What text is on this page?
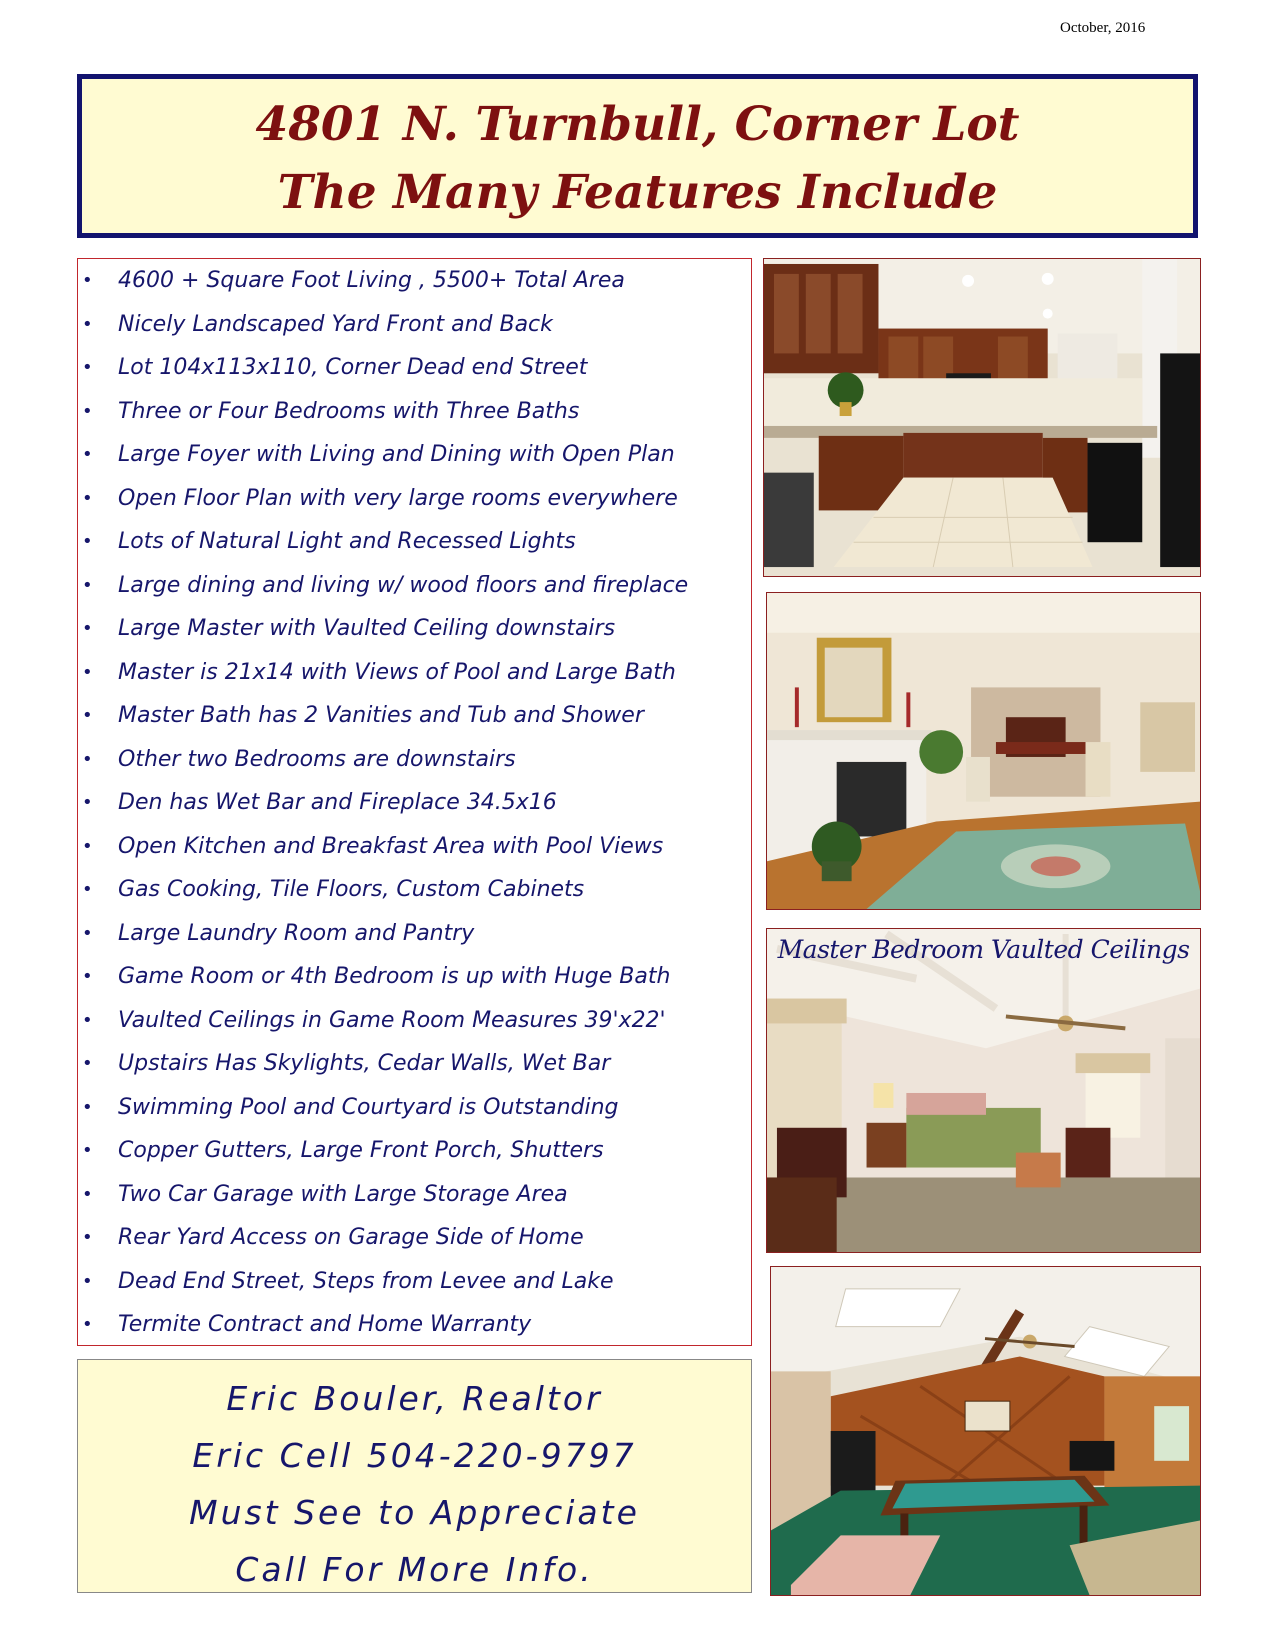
October, 2016
4801 N. Turnbull, Corner Lot
The Many Features Include
• 4600 + Square Foot Living , 5500+ Total Area
• Nicely Landscaped Yard Front and Back
• Lot 104x113x110, Corner Dead end Street
• Three or Four Bedrooms with Three Baths
• Large Foyer with Living and Dining with Open Plan
• Open Floor Plan with very large rooms everywhere
• Lots of Natural Light and Recessed Lights
• Large dining and living w/ wood floors and fireplace
• Large Master with Vaulted Ceiling downstairs
• Master is 21x14 with Views of Pool and Large Bath
• Master Bath has 2 Vanities and Tub and Shower
• Other two Bedrooms are downstairs
• Den has Wet Bar and Fireplace 34.5x16
• Open Kitchen and Breakfast Area with Pool Views
• Gas Cooking, Tile Floors, Custom Cabinets
• Large Laundry Room and Pantry
• Game Room or 4th Bedroom is up with Huge Bath
• Vaulted Ceilings in Game Room Measures 39'x22'
• Upstairs Has Skylights, Cedar Walls, Wet Bar
• Swimming Pool and Courtyard is Outstanding
• Copper Gutters, Large Front Porch, Shutters
• Two Car Garage with Large Storage Area
• Rear Yard Access on Garage Side of Home
• Dead End Street, Steps from Levee and Lake
• Termite Contract and Home Warranty
Eric Bouler, Realtor
Eric Cell 504-220-9797
Must See to Appreciate
Call For More Info.
Master Bedroom Vaulted Ceilings
